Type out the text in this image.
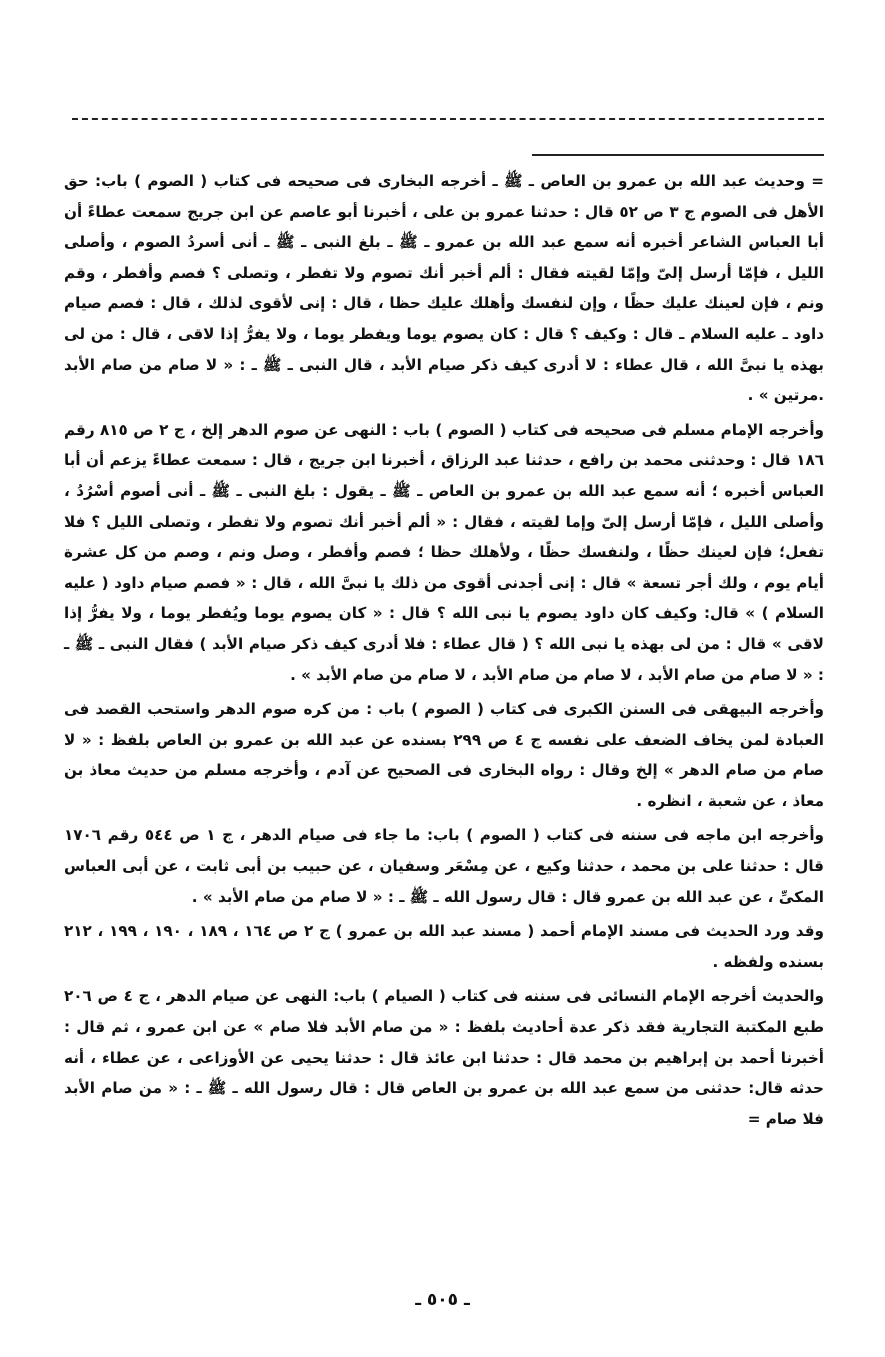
= وحديث عبد الله بن عمرو بن العاص ـ ﷺ ـ أخرجه البخارى فى صحيحه فى كتاب ( الصوم ) باب: حق الأهل فى الصوم ج ٣ ص ٥٢ قال : حدثنا عمرو بن على ، أخبرنا أبو عاصم عن ابن جريج سمعت عطاءً أن أبا العباس الشاعر أخبره أنه سمع عبد الله بن عمرو ـ ﷺ ـ بلغ النبى ـ ﷺ ـ أنى أسردُ الصوم ، وأصلى الليل ، فإمّا أرسل إلىّ وإمّا لقيته فقال : ألم أخبر أنك تصوم ولا تفطر ، وتصلى ؟ فصم وأفطر ، وقم ونم ، فإن لعينك عليك حظًا ، وإن لنفسك وأهلك عليك حظا ، قال : إنى لأقوى لذلك ، قال : فصم صيام داود ـ عليه السلام ـ قال : وكيف ؟ قال : كان يصوم يوما ويفطر يوما ، ولا يفرُّ إذا لاقى ، قال : من لى بهذه يا نبىَّ الله ، قال عطاء : لا أدرى كيف ذكر صيام الأبد ، قال النبى ـ ﷺ ـ : « لا صام من صام الأبد .مرتين » .

وأخرجه الإمام مسلم فى صحيحه فى كتاب ( الصوم ) باب : النهى عن صوم الدهر إلخ ، ج ٢ ص ٨١٥ رقم ١٨٦ قال : وحدثنى محمد بن رافع ، حدثنا عبد الرزاق ، أخبرنا ابن جريج ، قال : سمعت عطاءً يزعم أن أبا العباس أخبره ؛ أنه سمع عبد الله بن عمرو بن العاص ـ ﷺ ـ يقول : بلغ النبى ـ ﷺ ـ أنى أصوم أسْرُدُ ، وأصلى الليل ، فإمّا أرسل إلىّ وإما لقيته ، فقال : « ألم أخبر أنك تصوم ولا تفطر ، وتصلى الليل ؟ فلا تفعل؛ فإن لعينك حظًا ، ولنفسك حظًا ، ولأهلك حظا ؛ فصم وأفطر ، وصل ونم ، وصم من كل عشرة أيام يوم ، ولك أجر تسعة » قال : إنى أجدنى أقوى من ذلك يا نبىَّ الله ، قال : « فصم صيام داود ( عليه السلام ) » قال: وكيف كان داود يصوم يا نبى الله ؟ قال : « كان يصوم يوما ويُفطر يوما ، ولا يفرُّ إذا لاقى » قال : من لى بهذه يا نبى الله ؟ ( قال عطاء : فلا أدرى كيف ذكر صيام الأبد ) فقال النبى ـ ﷺ ـ : « لا صام من صام الأبد ، لا صام من صام الأبد ، لا صام من صام الأبد » .

وأخرجه البيهقى فى السنن الكبرى فى كتاب ( الصوم ) باب : من كره صوم الدهر واستحب القصد فى العبادة لمن يخاف الضعف على نفسه ج ٤ ص ٢٩٩ بسنده عن عبد الله بن عمرو بن العاص بلفظ : « لا صام من صام الدهر » إلخ وقال : رواه البخارى فى الصحيح عن آدم ، وأخرجه مسلم من حديث معاذ بن معاذ ، عن شعبة ، انظره .

وأخرجه ابن ماجه فى سننه فى كتاب ( الصوم ) باب: ما جاء فى صيام الدهر ، ج ١ ص ٥٤٤ رقم ١٧٠٦ قال : حدثنا على بن محمد ، حدثنا وكيع ، عن مِسْعَر وسفيان ، عن حبيب بن أبى ثابت ، عن أبى العباس المكىِّ ، عن عبد الله بن عمرو قال : قال رسول الله ـ ﷺ ـ : « لا صام من صام الأبد » .

وقد ورد الحديث فى مسند الإمام أحمد ( مسند عبد الله بن عمرو ) ج ٢ ص ١٦٤ ، ١٨٩ ، ١٩٠ ، ١٩٩ ، ٢١٢ بسنده ولفظه .

والحديث أخرجه الإمام النسائى فى سننه فى كتاب ( الصيام ) باب: النهى عن صيام الدهر ، ج ٤ ص ٢٠٦ طبع المكتبة التجارية فقد ذكر عدة أحاديث بلفظ : « من صام الأبد فلا صام » عن ابن عمرو ، ثم قال : أخبرنا أحمد بن إبراهيم بن محمد قال : حدثنا ابن عائذ قال : حدثنا يحيى عن الأوزاعى ، عن عطاء ، أنه حدثه قال: حدثنى من سمع عبد الله بن عمرو بن العاص قال : قال رسول الله ـ ﷺ ـ : « من صام الأبد فلا صام =

ـ ٥٠٥ ـ
